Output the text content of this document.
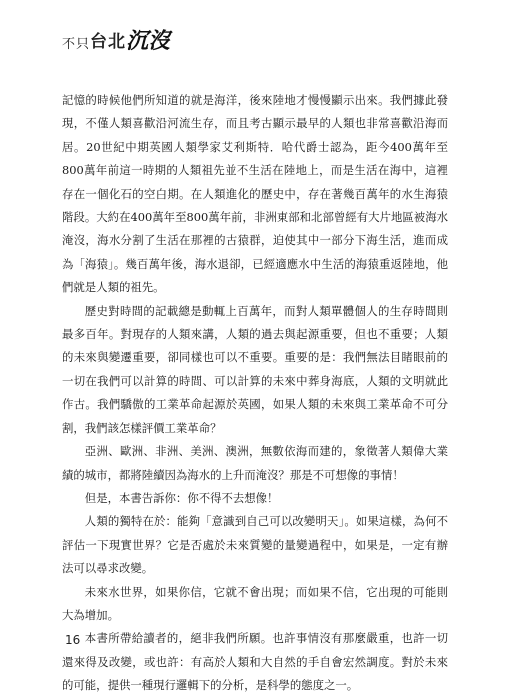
不只 台北 沉沒

記憶的時候他們所知道的就是海洋，後來陸地才慢慢顯示出來。我們據此發現，不僅人類喜歡沿河流生存，而且考古顯示最早的人類也非常喜歡沿海而居。20世紀中期英國人類學家艾利斯特．哈代爵士認為，距今400萬年至800萬年前這一時期的人類祖先並不生活在陸地上，而是生活在海中，這裡存在一個化石的空白期。在人類進化的歷史中，存在著幾百萬年的水生海猿階段。大約在400萬年至800萬年前，非洲東部和北部曾經有大片地區被海水淹沒，海水分割了生活在那裡的古猿群，迫使其中一部分下海生活，進而成為「海猿」。幾百萬年後，海水退卻，已經適應水中生活的海猿重返陸地，他們就是人類的祖先。

歷史對時間的記載總是動輒上百萬年，而對人類單體個人的生存時間則最多百年。對現存的人類來講，人類的過去與起源重要，但也不重要；人類的未來與變遷重要，卻同樣也可以不重要。重要的是：我們無法目睹眼前的一切在我們可以計算的時間、可以計算的未來中葬身海底，人類的文明就此作古。我們驕傲的工業革命起源於英國，如果人類的未來與工業革命不可分割，我們該怎樣評價工業革命？

亞洲、歐洲、非洲、美洲、澳洲，無數依海而建的，象徵著人類偉大業績的城市，都將陸續因為海水的上升而淹沒？那是不可想像的事情！

但是，本書告訴你：你不得不去想像！

人類的獨特在於：能夠「意識到自己可以改變明天」。如果這樣，為何不評估一下現實世界？它是否處於未來質變的量變過程中，如果是，一定有辦法可以尋求改變。

未來水世界，如果你信，它就不會出現；而如果不信，它出現的可能則大為增加。

本書所帶給讀者的，絕非我們所願。也許事情沒有那麼嚴重，也許一切還來得及改變，或也許：有高於人類和大自然的手自會宏然調度。對於未來的可能，提供一種現行邏輯下的分析，是科學的態度之一。

16
